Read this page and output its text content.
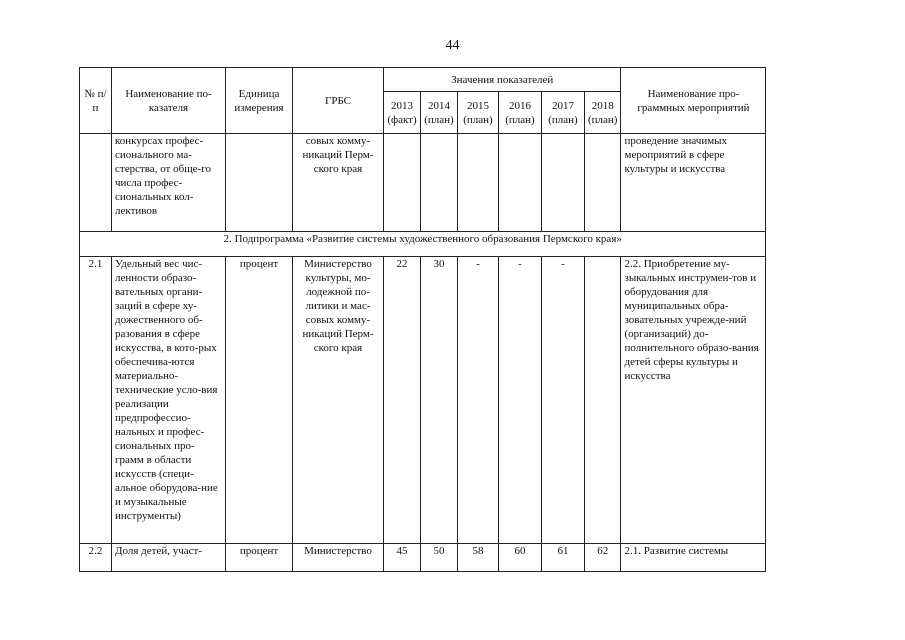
44
№ п/п	Наименование по-казателя	Единица измерения	ГРБС	Значения показателей						Наименование про-граммных мероприятий
				2013 (факт)	2014 (план)	2015 (план)	2016 (план)	2017 (план)	2018 (план)	
	конкурсах профес-сионального ма-стерства, от обще-го числа профес-сиональных кол-лективов		совых комму-никаций Перм-ского края							проведение значимых мероприятий в сфере культуры и искусства
2. Подпрограмма «Развитие системы художественного образования Пермского края»										
2.1	Удельный вес чис-ленности образо-вательных органи-заций в сфере ху-дожественного об-разования в сфере искусства, в кото-рых обеспечива-ются материально-технические усло-вия реализации предпрофессио-нальных и профес-сиональных про-грамм в области искусств (специ-альное оборудова-ние и музыкальные инструменты)	процент	Министерство культуры, мо-лодежной по-литики и мас-совых комму-никаций Перм-ского края	22	30	-	-	-		2.2. Приобретение му-зыкальных инструмен-тов и оборудования для муниципальных обра-зовательных учрежде-ний (организаций) до-полнительного образо-вания детей сферы культуры и искусства
2.2	Доля детей, участ-	процент	Министерство	45	50	58	60	61	62	2.1. Развитие системы
